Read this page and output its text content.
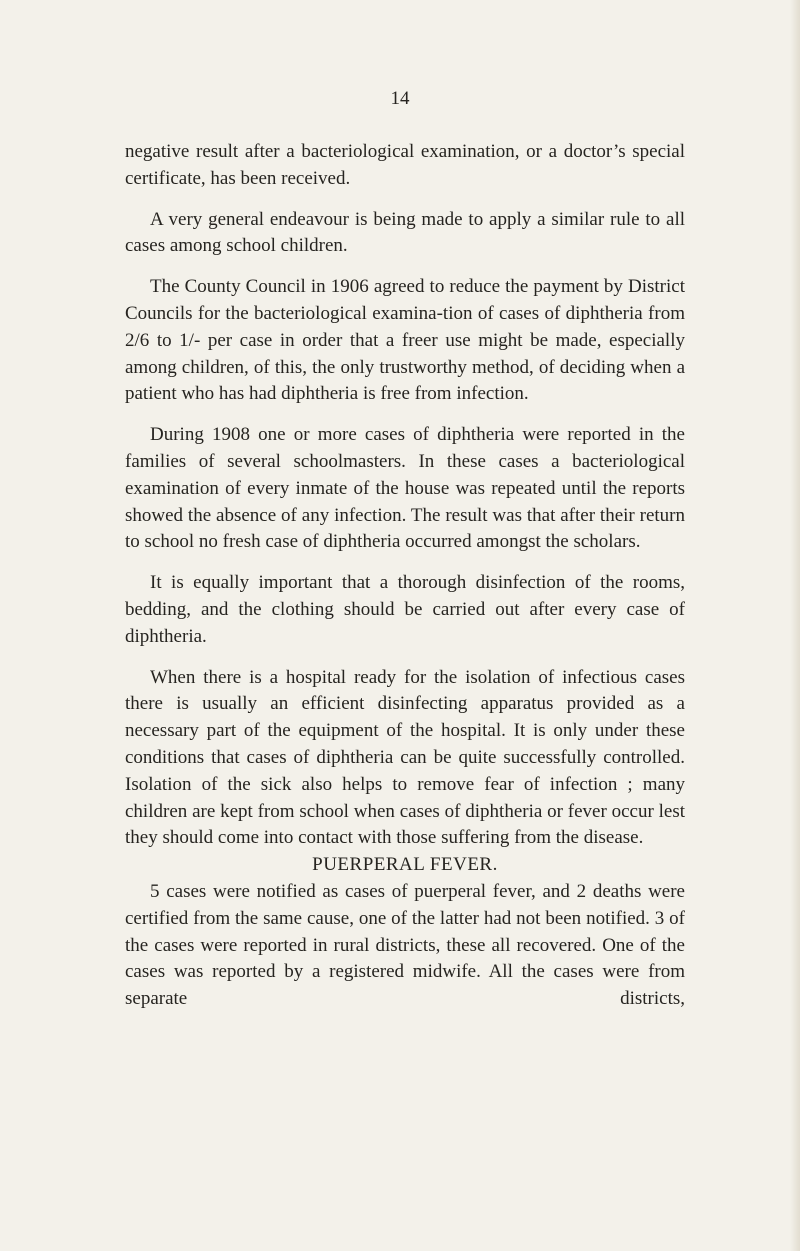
14

negative result after a bacteriological examination, or a doctor’s special certificate, has been received.

A very general endeavour is being made to apply a similar rule to all cases among school children.

The County Council in 1906 agreed to reduce the payment by District Councils for the bacteriological examina-tion of cases of diphtheria from 2/6 to 1/- per case in order that a freer use might be made, especially among children, of this, the only trustworthy method, of deciding when a patient who has had diphtheria is free from infection.

During 1908 one or more cases of diphtheria were reported in the families of several schoolmasters. In these cases a bacteriological examination of every inmate of the house was repeated until the reports showed the absence of any infection. The result was that after their return to school no fresh case of diphtheria occurred amongst the scholars.

It is equally important that a thorough disinfection of the rooms, bedding, and the clothing should be carried out after every case of diphtheria.

When there is a hospital ready for the isolation of infectious cases there is usually an efficient disinfecting apparatus provided as a necessary part of the equipment of the hospital. It is only under these conditions that cases of diphtheria can be quite successfully controlled. Isolation of the sick also helps to remove fear of infection ; many children are kept from school when cases of diphtheria or fever occur lest they should come into contact with those suffering from the disease.

PUERPERAL FEVER.

5 cases were notified as cases of puerperal fever, and 2 deaths were certified from the same cause, one of the latter had not been notified. 3 of the cases were reported in rural districts, these all recovered. One of the cases was reported by a registered midwife. All the cases were from separate districts,
